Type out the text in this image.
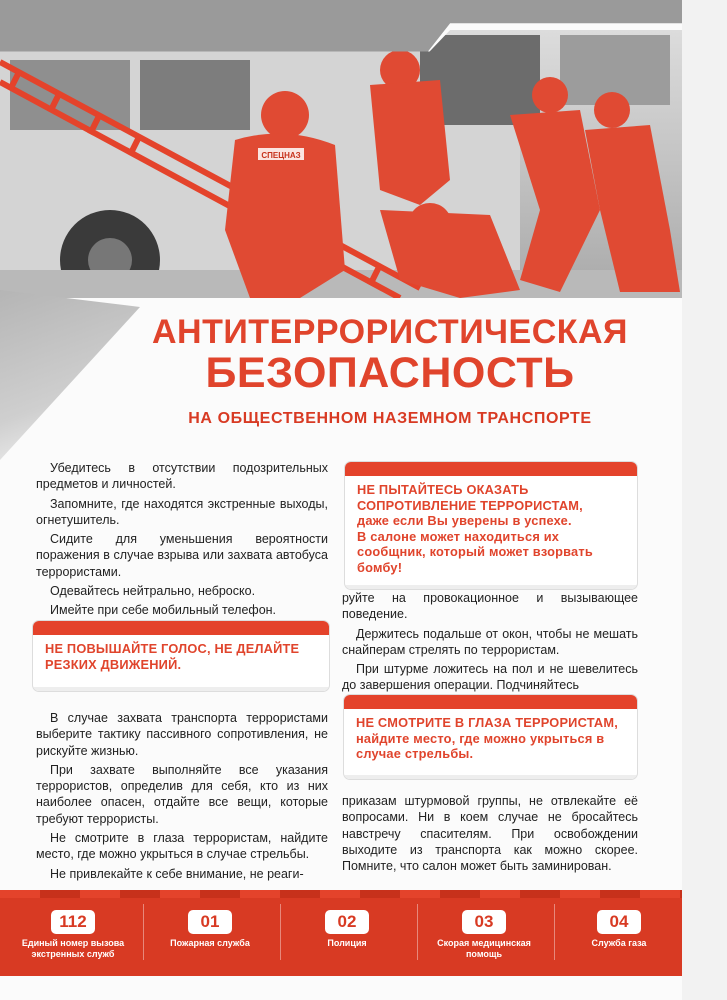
СПЕЦНАЗ
АНТИТЕРРОРИСТИЧЕСКАЯ
БЕЗОПАСНОСТЬ
НА ОБЩЕСТВЕННОМ НАЗЕМНОМ ТРАНСПОРТЕ

Убедитесь в отсутствии подозрительных предметов и личностей.

Запомните, где находятся экстренные выходы, огнетушитель.

Сидите для уменьшения вероятности поражения в случае взрыва или захвата автобуса террористами.

Одевайтесь нейтрально, неброско.

Имейте при себе мобильный телефон.

НЕ ПЫТАЙТЕСЬ ОКАЗАТЬ СОПРОТИВЛЕНИЕ ТЕРРОРИСТАМ,
даже если Вы уверены в успехе.
В салоне может находиться их сообщник, который может взорвать бомбу!

руйте на провокационное и вызывающее поведение.

Держитесь подальше от окон, чтобы не мешать снайперам стрелять по террористам.

При штурме ложитесь на пол и не шевелитесь до завершения операции. Подчиняйтесь

НЕ ПОВЫШАЙТЕ ГОЛОС, НЕ ДЕЛАЙТЕ РЕЗКИХ ДВИЖЕНИЙ.
НЕ СМОТРИТЕ В ГЛАЗА ТЕРРОРИСТАМ,
найдите место, где можно укрыться в случае стрельбы.

В случае захвата транспорта террористами выберите тактику пассивного сопротивления, не рискуйте жизнью.

При захвате выполняйте все указания террористов, определив для себя, кто из них наиболее опасен, отдайте все вещи, которые требуют террористы.

Не смотрите в глаза террористам, найдите место, где можно укрыться в случае стрельбы.

Не привлекайте к себе внимание, не реаги-

приказам штурмовой группы, не отвлекайте её вопросами. Ни в коем случае не бросайтесь навстречу спасителям. При освобождении выходите из транспорта как можно скорее. Помните, что салон может быть заминирован.

112
Единый номер вызова экстренных служб
01
Пожарная служба
02
Полиция
03
Скорая медицинская помощь
04
Служба газа
